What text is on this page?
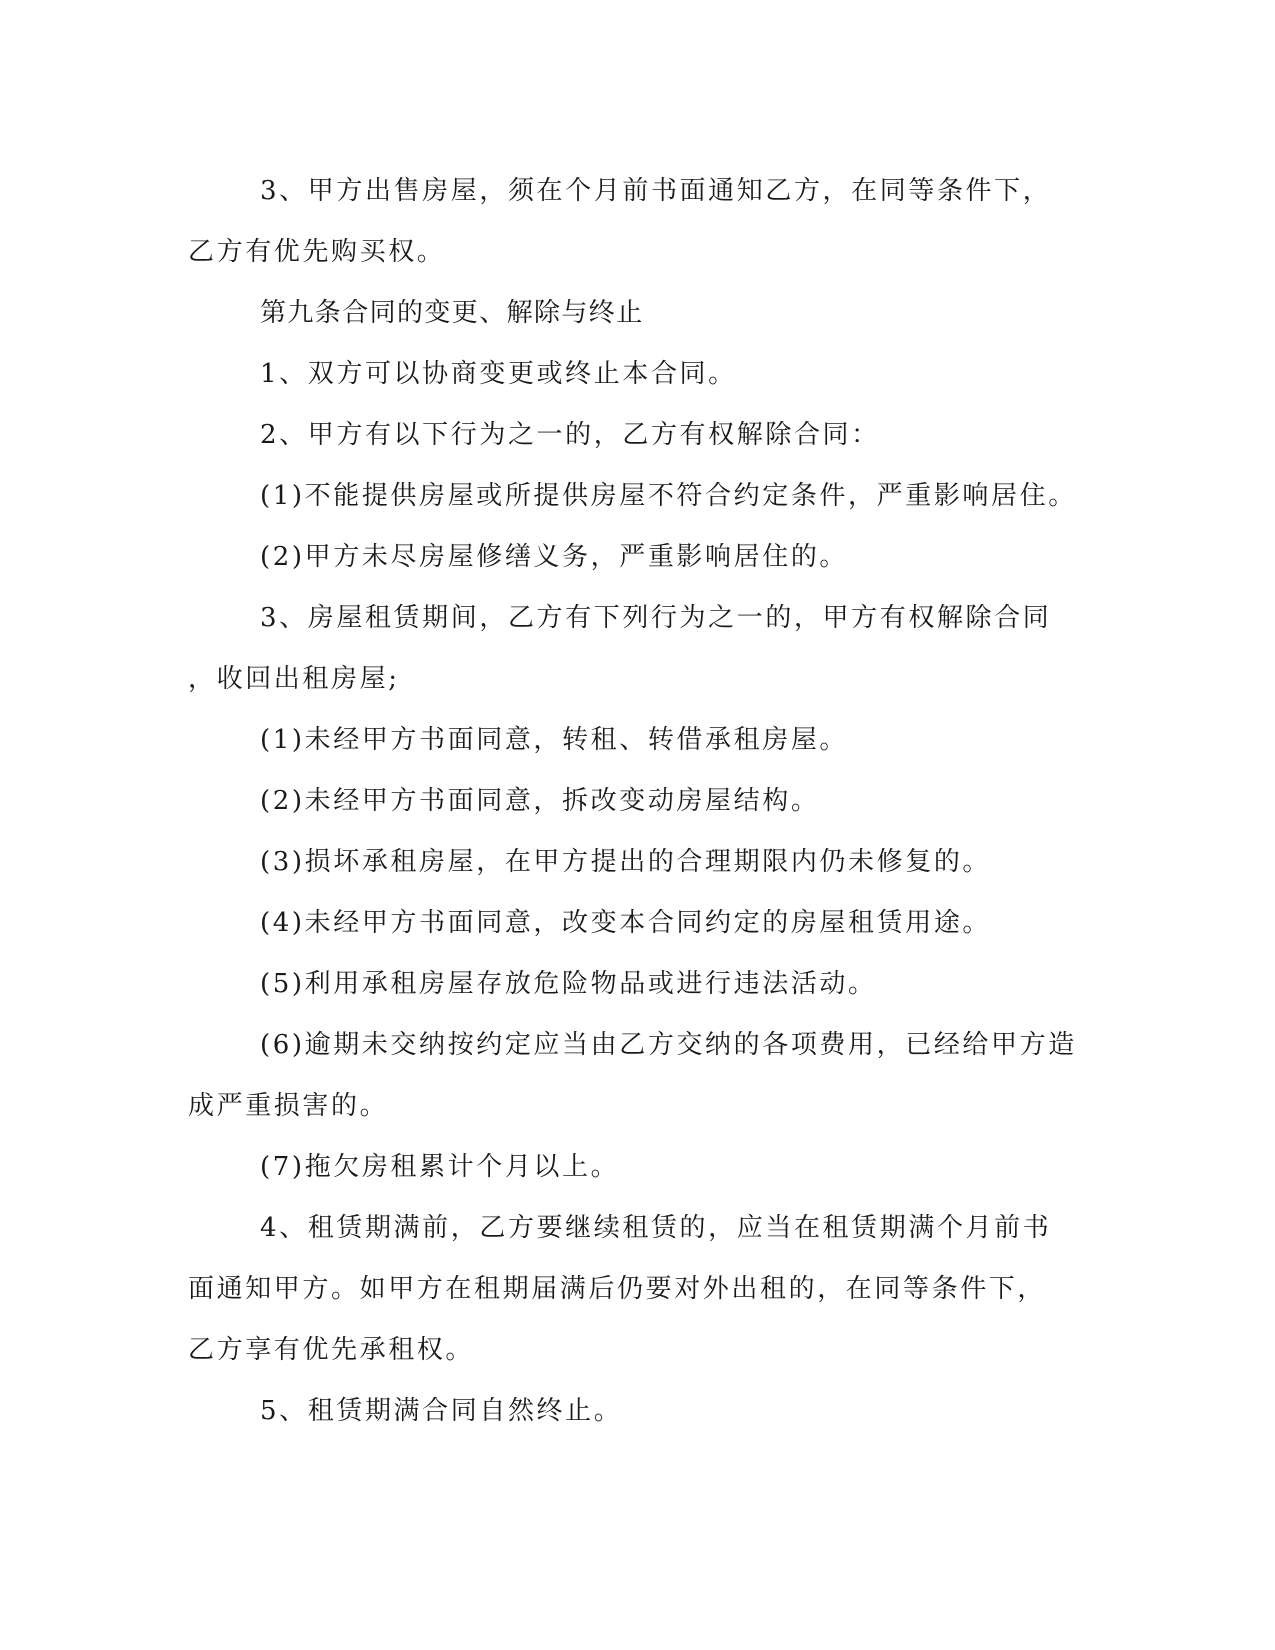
3、甲方出售房屋，须在个月前书面通知乙方，在同等条件下，

乙方有优先购买权。

第九条合同的变更、解除与终止

1、双方可以协商变更或终止本合同。

2、甲方有以下行为之一的，乙方有权解除合同：

(1)不能提供房屋或所提供房屋不符合约定条件，严重影响居住。

(2)甲方未尽房屋修缮义务，严重影响居住的。

3、房屋租赁期间，乙方有下列行为之一的，甲方有权解除合同

，收回出租房屋;

(1)未经甲方书面同意，转租、转借承租房屋。

(2)未经甲方书面同意，拆改变动房屋结构。

(3)损坏承租房屋，在甲方提出的合理期限内仍未修复的。

(4)未经甲方书面同意，改变本合同约定的房屋租赁用途。

(5)利用承租房屋存放危险物品或进行违法活动。

(6)逾期未交纳按约定应当由乙方交纳的各项费用，已经给甲方造

成严重损害的。

(7)拖欠房租累计个月以上。

4、租赁期满前，乙方要继续租赁的，应当在租赁期满个月前书

面通知甲方。如甲方在租期届满后仍要对外出租的，在同等条件下，

乙方享有优先承租权。

5、租赁期满合同自然终止。
